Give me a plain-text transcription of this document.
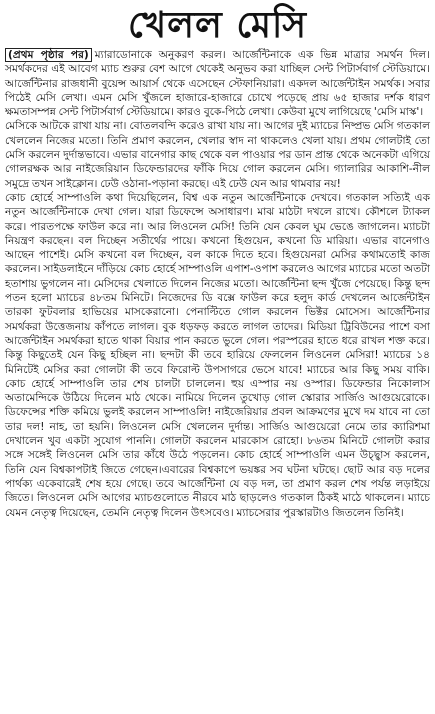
খেলল মেসি

(প্রথম পৃষ্ঠার পর) ম্যারাডোনাকে অনুকরণ করল। আর্জেন্টিনাকে এক ভিন্ন মাত্রার সমর্থন দিল। সমর্থকদের এই আবেগ ম্যাচ শুরুর বেশ আগে থেকেই অনুভব করা যাচ্ছিল সেন্ট পিটার্সবার্গ স্টেডিয়ামে। আর্জেন্টিনার রাজধানী বুয়েন্স আয়ার্স থেকে এসেছেন স্টেফানিয়ারা। একদল আর্জেন্টাইন সমর্থক। সবার পিঠেই মেসি লেখা। এমন মেসি খুঁজলে হাজারে-হাজারে চোখে পড়েছে প্রায় ৬৫ হাজার দর্শক ধারণ ক্ষমতাসম্পন্ন সেন্ট পিটার্সবার্গ স্টেডিয়ামে। কারও বুকে-পিঠে লেখা। কেউবা মুখে লাগিয়েছে 'মেসি মাস্ক'।

মেসিকে আটকে রাখা যায় না। বোতলবন্দি করেও রাখা যায় না। আগের দুই ম্যাচের নিষ্প্রভ মেসি গতকাল খেললেন নিজের মতো। তিনি প্রমাণ করলেন, খেলার স্বাদ না থাকলেও খেলা যায়। প্রথম গোলটাই তো মেসি করলেন দুর্দান্তভাবে। এভার বানেগার কাছ থেকে বল পাওয়ার পর ডান প্রান্ত থেকে অনেকটা এগিয়ে গোলরক্ষক আর নাইজেরিয়ান ডিফেন্ডারদের ফাঁকি দিয়ে গোল করলেন মেসি। গ্যালারির আকাশি-নীল সমুদ্রে তখন সাইক্লোন। ঢেউ ওঠানা-পড়ানা করছে। এই ঢেউ যেন আর থামবার নয়!

কোচ হোর্হে সাম্পাওলি কথা দিয়েছিলেন, বিশ্ব এক নতুন আর্জেন্টিনাকে দেখবে। গতকাল সত্যিই এক নতুন আর্জেন্টিনাকে দেখা গেল। যারা ডিফেন্সে অসাধারণ। মাঝ মাঠটা দখলে রাখে। কৌশলে ট্যাকল করে। পারতপক্ষে ফাউল করে না। আর লিওনেল মেসি! তিনি যেন কেবল ঘুম ভেঙে জাগলেন। ম্যাচটা নিয়ন্ত্রণ করছেন। বল দিচ্ছেন সতীর্থের পায়ে। কখনো হিগুয়েন, কখনো ডি মারিয়া। এভার বানেগাও আছেন পাশেই। মেসি কখনো বল দিচ্ছেন, বল কাকে দিতে হবে। হিগুয়েনরা মেসির কথামতোই কাজ করলেন। সাইডলাইনে দাঁড়িয়ে কোচ হোর্হে সাম্পাওলি এপাশ-ওপাশ করলেও আগের ম্যাচের মতো অতটা হতাশায় ভুগলেন না। মেসিদের খেলাতে দিলেন নিজের মতো। আর্জেন্টিনা ছন্দ খুঁজে পেয়েছে। কিন্তু ছন্দ পতন হলো ম্যাচের ৪৮তম মিনিটে। নিজেদের ডি বক্সে ফাউল করে হলুদ কার্ড দেখলেন আর্জেন্টাইন তারকা ফুটবলার হাভিয়ের মাসকেরানো। পেনাল্টিতে গোল করলেন ভিক্টর মোসেস। আর্জেন্টিনার সমর্থকরা উত্তেজনায় কাঁপতে লাগল। বুক ধড়ফড় করতে লাগল তাদের। মিডিয়া ট্রিবিউনের পাশে বসা আর্জেন্টাইন সমর্থকরা হাতে থাকা বিয়ার পান করতে ভুলে গেল। পরস্পরের হাতে ধরে রাখল শক্ত করে। কিন্তু কিছুতেই যেন কিছু হচ্ছিল না। ছন্দটা কী তবে হারিয়ে ফেললেন লিওনেল মেসিরা! ম্যাচের ১৪ মিনিটেই মেসির করা গোলটা কী তবে ফিরোল্ট উপসাগরে ভেসে যাবে! ম্যাচের আর কিছু সময় বাকি। কোচ হোর্হে সাম্পাওলি তার শেষ চালটা চাললেন। হুয় এস্পার নয় ওস্পার। ডিফেন্ডার নিকোলাস অতামেন্দিকে উঠিয়ে দিলেন মাঠ থেকে। নামিয়ে দিলেন তুখোড় গোল স্কোরার সার্জিও আগুয়েরোকে। ডিফেন্সের শক্তি কমিয়ে ভুলই করলেন সাম্পাওলি! নাইজেরিয়ার প্রবল আক্রমণের মুখে দম যাবে না তো তার দল! নাহ, তা হয়নি। লিওনেল মেসি খেললেন দুর্দান্ত। সার্জিও আগুয়েরো নেমে তার ক্যারিশমা দেখালেন খুব একটা সুযোগ পাননি। গোলটা করলেন মারকোস রোহো। ৮৬তম মিনিটে গোলটা করার সঙ্গে সঙ্গেই লিওনেল মেসি তার কাঁধে উঠে পড়লেন। কোচ হোর্হে সাম্পাওলি এমন উচ্ছ্বাস করলেন, তিনি যেন বিশ্বকাপটাই জিতে গেছেন।এবারের বিশ্বকাপে ভয়ঙ্কর সব ঘটনা ঘটছে। ছোট আর বড় দলের পার্থক্য একেবারেই শেষ হয়ে গেছে। তবে আর্জেন্টিনা যে বড় দল, তা প্রমাণ করল শেষ পর্যন্ত লড়াইয়ে জিতে। লিওনেল মেসি আগের ম্যাচগুলোতে নীরবে মাঠ ছাড়লেও গতকাল ঠিকই মাঠে থাকলেন। ম্যাচে যেমন নেতৃত্ব দিয়েছেন, তেমনি নেতৃত্ব দিলেন উৎসবেও। ম্যাচসেরার পুরস্কারটাও জিতলেন তিনিই।
